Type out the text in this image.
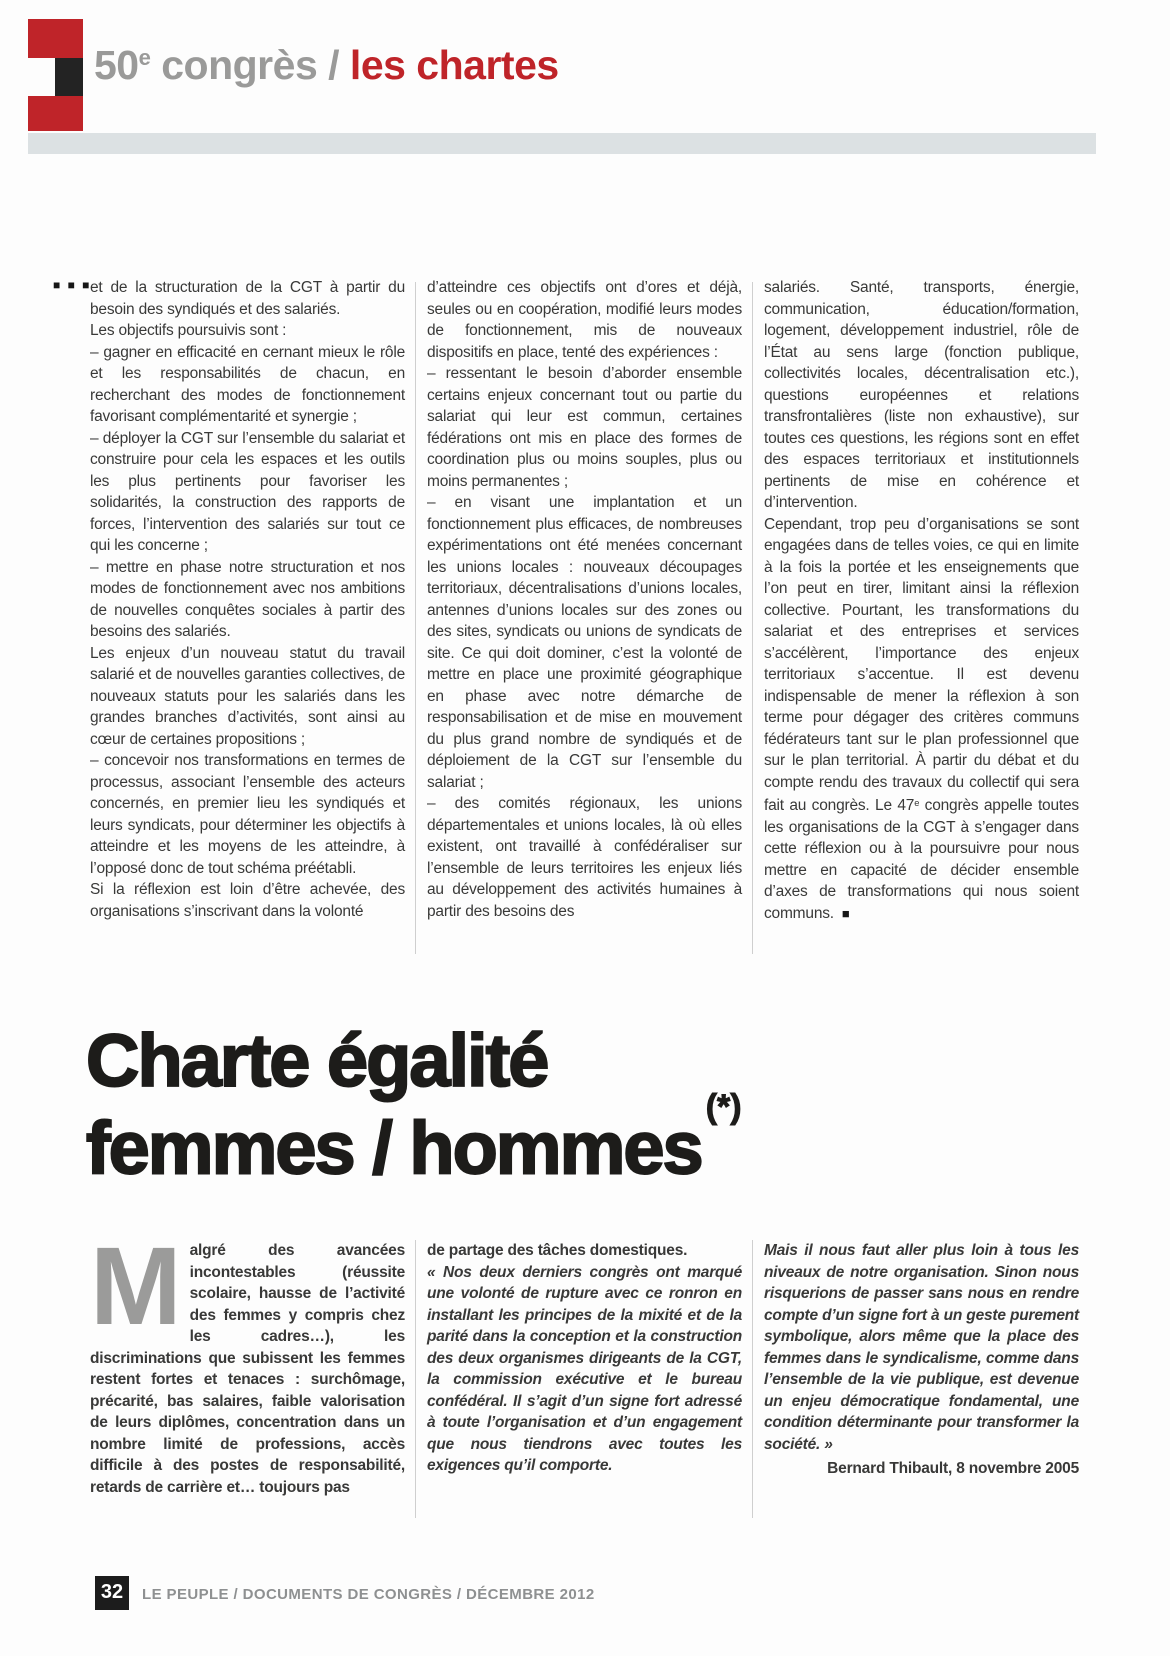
50e congrès / les chartes
■ ■ ■

et de la structuration de la CGT à partir du besoin des syndiqués et des salariés.

Les objectifs poursuivis sont :

– gagner en efficacité en cernant mieux le rôle et les responsabilités de chacun, en recherchant des modes de fonctionnement favorisant complémentarité et synergie ;

– déployer la CGT sur l’ensemble du salariat et construire pour cela les espaces et les outils les plus pertinents pour favoriser les solidarités, la construction des rapports de forces, l’intervention des salariés sur tout ce qui les concerne ;

– mettre en phase notre structuration et nos modes de fonctionnement avec nos ambitions de nouvelles conquêtes sociales à partir des besoins des salariés.

Les enjeux d’un nouveau statut du travail salarié et de nouvelles garanties collectives, de nouveaux statuts pour les salariés dans les grandes branches d’activités, sont ainsi au cœur de certaines propositions ;

– concevoir nos transformations en termes de processus, associant l’ensemble des acteurs concernés, en premier lieu les syndiqués et leurs syndicats, pour déterminer les objectifs à atteindre et les moyens de les atteindre, à l’opposé donc de tout schéma préétabli.

Si la réflexion est loin d’être achevée, des organisations s’inscrivant dans la volonté

d’atteindre ces objectifs ont d’ores et déjà, seules ou en coopération, modifié leurs modes de fonctionnement, mis de nouveaux dispositifs en place, tenté des expériences :

– ressentant le besoin d’aborder ensemble certains enjeux concernant tout ou partie du salariat qui leur est commun, certaines fédérations ont mis en place des formes de coordination plus ou moins souples, plus ou moins permanentes ;

– en visant une implantation et un fonctionnement plus efficaces, de nombreuses expérimentations ont été menées concernant les unions locales : nouveaux découpages territoriaux, décentralisations d’unions locales, antennes d’unions locales sur des zones ou des sites, syndicats ou unions de syndicats de site. Ce qui doit dominer, c’est la volonté de mettre en place une proximité géographique en phase avec notre démarche de responsabilisation et de mise en mouvement du plus grand nombre de syndiqués et de déploiement de la CGT sur l’ensemble du salariat ;

– des comités régionaux, les unions départementales et unions locales, là où elles existent, ont travaillé à confédéraliser sur l’ensemble de leurs territoires les enjeux liés au développement des activités humaines à partir des besoins des

salariés. Santé, transports, énergie, communication, éducation/formation, logement, développement industriel, rôle de l’État au sens large (fonction publique, collectivités locales, décentralisation etc.), questions européennes et relations transfrontalières (liste non exhaustive), sur toutes ces questions, les régions sont en effet des espaces territoriaux et institutionnels pertinents de mise en cohérence et d’intervention.

Cependant, trop peu d’organisations se sont engagées dans de telles voies, ce qui en limite à la fois la portée et les enseignements que l’on peut en tirer, limitant ainsi la réflexion collective. Pourtant, les transformations du salariat et des entreprises et services s’accélèrent, l’importance des enjeux territoriaux s’accentue. Il est devenu indispensable de mener la réflexion à son terme pour dégager des critères communs fédérateurs tant sur le plan professionnel que sur le plan territorial. À partir du débat et du compte rendu des travaux du collectif qui sera fait au congrès. Le 47e congrès appelle toutes les organisations de la CGT à s’engager dans cette réflexion ou à la poursuivre pour nous mettre en capacité de décider ensemble d’axes de transformations qui nous soient communs. ■

Charte égalité
femmes / hommes (*)

Malgré des avancées incontestables (réussite scolaire, hausse de l’activité des femmes y compris chez les cadres…), les discriminations que subissent les femmes restent fortes et tenaces : surchômage, précarité, bas salaires, faible valorisation de leurs diplômes, concentration dans un nombre limité de professions, accès difficile à des postes de responsabilité, retards de carrière et… toujours pas

de partage des tâches domestiques.

« Nos deux derniers congrès ont marqué une volonté de rupture avec ce ronron en installant les principes de la mixité et de la parité dans la conception et la construction des deux organismes dirigeants de la CGT, la commission exécutive et le bureau confédéral. Il s’agit d’un signe fort adressé à toute l’organisation et d’un engagement que nous tiendrons avec toutes les exigences qu’il comporte.

Mais il nous faut aller plus loin à tous les niveaux de notre organisation. Sinon nous risquerions de passer sans nous en rendre compte d’un signe fort à un geste purement symbolique, alors même que la place des femmes dans le syndicalisme, comme dans l’ensemble de la vie publique, est devenue un enjeu démocratique fondamental, une condition déterminante pour transformer la société. »

Bernard Thibault, 8 novembre 2005

32	LE PEUPLE / DOCUMENTS DE CONGRÈS / DÉCEMBRE 2012
